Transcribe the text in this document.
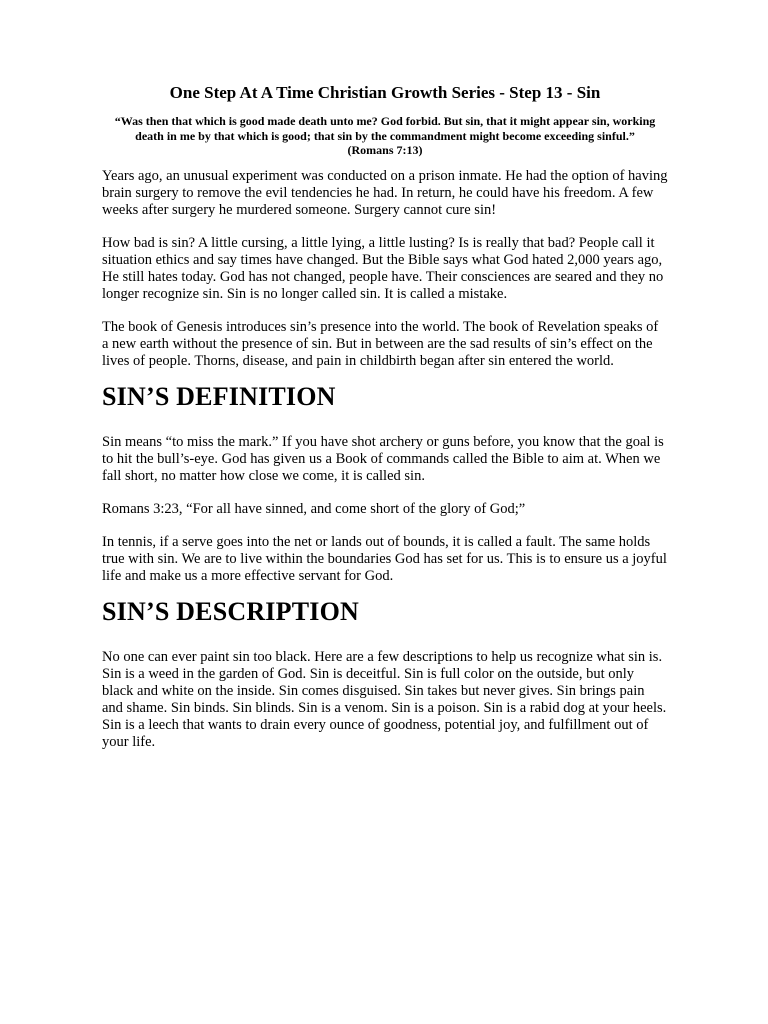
One Step At A Time Christian Growth Series - Step 13 - Sin
“Was then that which is good made death unto me? God forbid. But sin, that it might appear sin, working death in me by that which is good; that sin by the commandment might become exceeding sinful.”
(Romans 7:13)

Years ago, an unusual experiment was conducted on a prison inmate. He had the option of having brain surgery to remove the evil tendencies he had. In return, he could have his freedom. A few weeks after surgery he murdered someone. Surgery cannot cure sin!

How bad is sin? A little cursing, a little lying, a little lusting? Is is really that bad? People call it situation ethics and say times have changed. But the Bible says what God hated 2,000 years ago, He still hates today. God has not changed, people have. Their consciences are seared and they no longer recognize sin. Sin is no longer called sin. It is called a mistake.

The book of Genesis introduces sin’s presence into the world. The book of Revelation speaks of a new earth without the presence of sin. But in between are the sad results of sin’s effect on the lives of people. Thorns, disease, and pain in childbirth began after sin entered the world.

SIN’S DEFINITION

Sin means “to miss the mark.” If you have shot archery or guns before, you know that the goal is to hit the bull’s-eye. God has given us a Book of commands called the Bible to aim at. When we fall short, no matter how close we come, it is called sin.

Romans 3:23, “For all have sinned, and come short of the glory of God;”

In tennis, if a serve goes into the net or lands out of bounds, it is called a fault. The same holds true with sin. We are to live within the boundaries God has set for us. This is to ensure us a joyful life and make us a more effective servant for God.

SIN’S DESCRIPTION

No one can ever paint sin too black. Here are a few descriptions to help us recognize what sin is. Sin is a weed in the garden of God. Sin is deceitful. Sin is full color on the outside, but only black and white on the inside. Sin comes disguised. Sin takes but never gives. Sin brings pain and shame. Sin binds. Sin blinds. Sin is a venom. Sin is a poison. Sin is a rabid dog at your heels. Sin is a leech that wants to drain every ounce of goodness, potential joy, and fulfillment out of your life.
